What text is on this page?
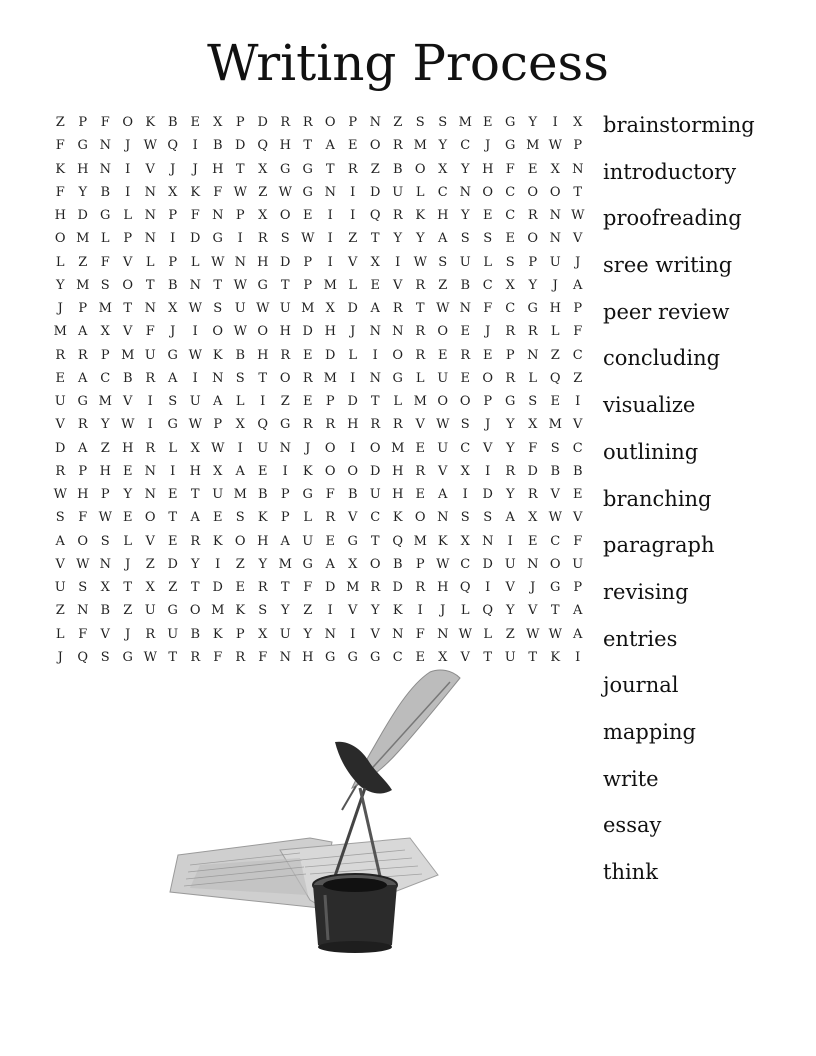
Writing Process
Z	P	F	O	K	B	E	X	P	D	R	R	O	P	N	Z	S	S	M	E	G	Y	I	X
F	G	N	J	W	Q	I	B	D	Q	H	T	A	E	O	R	M	Y	C	J	G	M	W	P
K	H	N	I	V	J	J	H	T	X	G	G	T	R	Z	B	O	X	Y	H	F	E	X	N
F	Y	B	I	N	X	K	F	W	Z	W	G	N	I	D	U	L	C	N	O	C	O	O	T
H	D	G	L	N	P	F	N	P	X	O	E	I	I	Q	R	K	H	Y	E	C	R	N	W
O	M	L	P	N	I	D	G	I	R	S	W	I	Z	T	Y	Y	A	S	S	E	O	N	V
L	Z	F	V	L	P	L	W	N	H	D	P	I	V	X	I	W	S	U	L	S	P	U	J
Y	M	S	O	T	B	N	T	W	G	T	P	M	L	E	V	R	Z	B	C	X	Y	J	A
J	P	M	T	N	X	W	S	U	W	U	M	X	D	A	R	T	W	N	F	C	G	H	P
M	A	X	V	F	J	I	O	W	O	H	D	H	J	N	N	R	O	E	J	R	R	L	F
R	R	P	M	U	G	W	K	B	H	R	E	D	L	I	O	R	E	R	E	P	N	Z	C
E	A	C	B	R	A	I	N	S	T	O	R	M	I	N	G	L	U	E	O	R	L	Q	Z
U	G	M	V	I	S	U	A	L	I	Z	E	P	D	T	L	M	O	O	P	G	S	E	I
V	R	Y	W	I	G	W	P	X	Q	G	R	R	H	R	R	V	W	S	J	Y	X	M	V
D	A	Z	H	R	L	X	W	I	U	N	J	O	I	O	M	E	U	C	V	Y	F	S	C
R	P	H	E	N	I	H	X	A	E	I	K	O	O	D	H	R	V	X	I	R	D	B	B
W	H	P	Y	N	E	T	U	M	B	P	G	F	B	U	H	E	A	I	D	Y	R	V	E
S	F	W	E	O	T	A	E	S	K	P	L	R	V	C	K	O	N	S	S	A	X	W	V
A	O	S	L	V	E	R	K	O	H	A	U	E	G	T	Q	M	K	X	N	I	E	C	F
V	W	N	J	Z	D	Y	I	Z	Y	M	G	A	X	O	B	P	W	C	D	U	N	O	U
U	S	X	T	X	Z	T	D	E	R	T	F	D	M	R	D	R	H	Q	I	V	J	G	P
Z	N	B	Z	U	G	O	M	K	S	Y	Z	I	V	Y	K	I	J	L	Q	Y	V	T	A
L	F	V	J	R	U	B	K	P	X	U	Y	N	I	V	N	F	N	W	L	Z	W	W	A
J	Q	S	G	W	T	R	F	R	F	N	H	G	G	G	C	E	X	V	T	U	T	K	I
brainstorming
introductory
proofreading
sree writing
peer review
concluding
visualize
outlining
branching
paragraph
revising
entries
journal
mapping
write
essay
think
